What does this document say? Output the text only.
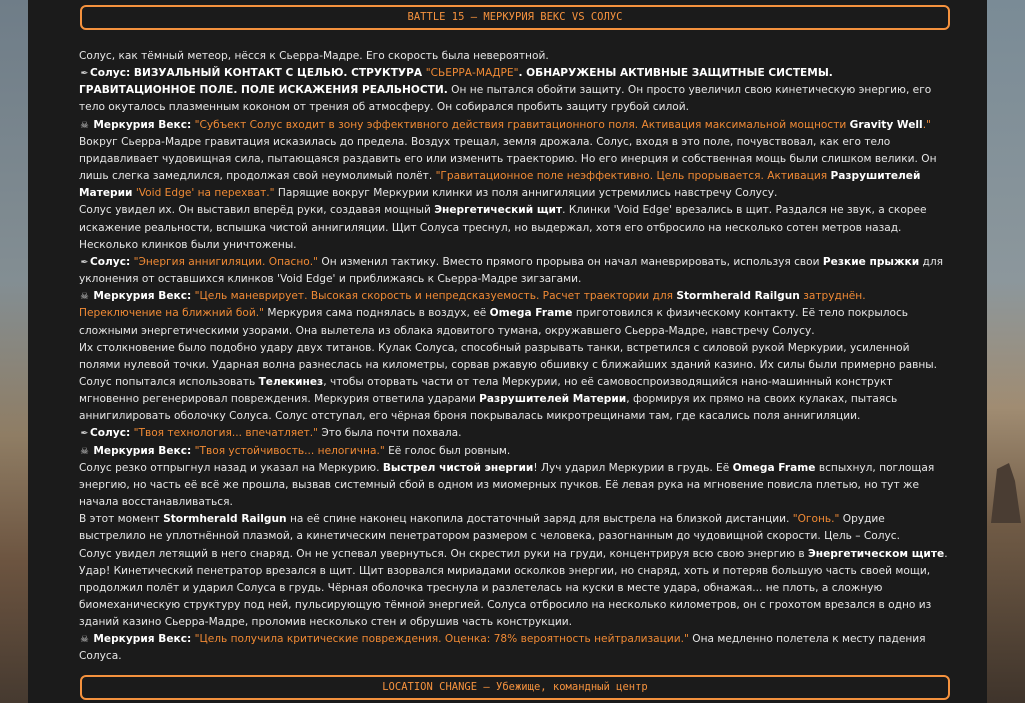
BATTLE 15 – МЕРКУРИЯ ВЕКС VS СОЛУС

Солус, как тёмный метеор, нёсся к Сьерра-Мадре. Его скорость была невероятной.

✒ Солус: ВИЗУАЛЬНЫЙ КОНТАКТ С ЦЕЛЬЮ. СТРУКТУРА "СЬЕРРА-МАДРЕ". ОБНАРУЖЕНЫ АКТИВНЫЕ ЗАЩИТНЫЕ СИСТЕМЫ. ГРАВИТАЦИОННОЕ ПОЛЕ. ПОЛЕ ИСКАЖЕНИЯ РЕАЛЬНОСТИ. Он не пытался обойти защиту. Он просто увеличил свою кинетическую энергию, его тело окуталось плазменным коконом от трения об атмосферу. Он собирался пробить защиту грубой силой.

☠ Меркурия Векс: "Субъект Солус входит в зону эффективного действия гравитационного поля. Активация максимальной мощности Gravity Well."

Вокруг Сьерра-Мадре гравитация исказилась до предела. Воздух трещал, земля дрожала. Солус, входя в это поле, почувствовал, как его тело придавливает чудовищная сила, пытающаяся раздавить его или изменить траекторию. Но его инерция и собственная мощь были слишком велики. Он лишь слегка замедлился, продолжая свой неумолимый полёт. "Гравитационное поле неэффективно. Цель прорывается. Активация Разрушителей Материи 'Void Edge' на перехват." Парящие вокруг Меркурии клинки из поля аннигиляции устремились навстречу Солусу.

Солус увидел их. Он выставил вперёд руки, создавая мощный Энергетический щит. Клинки 'Void Edge' врезались в щит. Раздался не звук, а скорее искажение реальности, вспышка чистой аннигиляции. Щит Солуса треснул, но выдержал, хотя его отбросило на несколько сотен метров назад. Несколько клинков были уничтожены.

✒ Солус: "Энергия аннигиляции. Опасно." Он изменил тактику. Вместо прямого прорыва он начал маневрировать, используя свои Резкие прыжки для уклонения от оставшихся клинков 'Void Edge' и приближаясь к Сьерра-Мадре зигзагами.

☠ Меркурия Векс: "Цель маневрирует. Высокая скорость и непредсказуемость. Расчет траектории для Stormherald Railgun затруднён. Переключение на ближний бой." Меркурия сама поднялась в воздух, её Omega Frame приготовился к физическому контакту. Её тело покрылось сложными энергетическими узорами. Она вылетела из облака ядовитого тумана, окружавшего Сьерра-Мадре, навстречу Солусу.

Их столкновение было подобно удару двух титанов. Кулак Солуса, способный разрывать танки, встретился с силовой рукой Меркурии, усиленной полями нулевой точки. Ударная волна разнеслась на километры, сорвав ржавую обшивку с ближайших зданий казино. Их силы были примерно равны. Солус попытался использовать Телекинез, чтобы оторвать части от тела Меркурии, но её самовоспроизводящийся нано-машинный конструкт мгновенно регенерировал повреждения. Меркурия ответила ударами Разрушителей Материи, формируя их прямо на своих кулаках, пытаясь аннигилировать оболочку Солуса. Солус отступал, его чёрная броня покрывалась микротрещинами там, где касались поля аннигиляции.

✒ Солус: "Твоя технология... впечатляет." Это была почти похвала.

☠ Меркурия Векс: "Твоя устойчивость... нелогична." Её голос был ровным.

Солус резко отпрыгнул назад и указал на Меркурию. Выстрел чистой энергии! Луч ударил Меркурии в грудь. Её Omega Frame вспыхнул, поглощая энергию, но часть её всё же прошла, вызвав системный сбой в одном из миомерных пучков. Её левая рука на мгновение повисла плетью, но тут же начала восстанавливаться.

В этот момент Stormherald Railgun на её спине наконец накопила достаточный заряд для выстрела на близкой дистанции. "Огонь." Орудие выстрелило не уплотнённой плазмой, а кинетическим пенетратором размером с человека, разогнанным до чудовищной скорости. Цель – Солус.

Солус увидел летящий в него снаряд. Он не успевал увернуться. Он скрестил руки на груди, концентрируя всю свою энергию в Энергетическом щите. Удар! Кинетический пенетратор врезался в щит. Щит взорвался мириадами осколков энергии, но снаряд, хоть и потеряв большую часть своей мощи, продолжил полёт и ударил Солуса в грудь. Чёрная оболочка треснула и разлетелась на куски в месте удара, обнажая... не плоть, а сложную биомеханическую структуру под ней, пульсирующую тёмной энергией. Солуса отбросило на несколько километров, он с грохотом врезался в одно из зданий казино Сьерра-Мадре, проломив несколько стен и обрушив часть конструкции.

☠ Меркурия Векс: "Цель получила критические повреждения. Оценка: 78% вероятность нейтрализации." Она медленно полетела к месту падения Солуса.

LOCATION CHANGE – Убежище, командный центр
